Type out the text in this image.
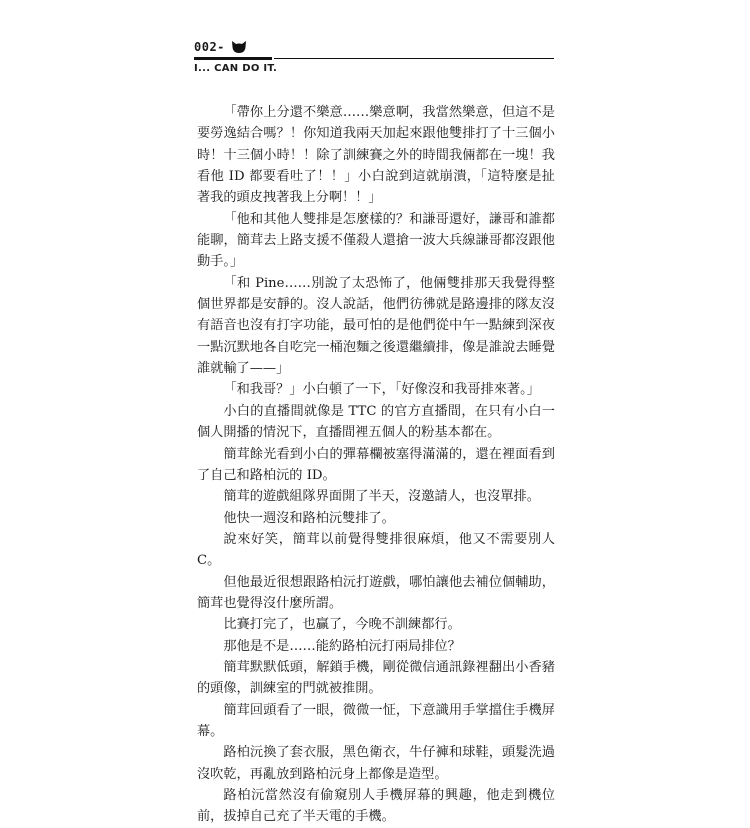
002-
I... CAN DO IT.

「帶你上分還不樂意……樂意啊，我當然樂意，但這不是要勞逸結合嗎？！你知道我兩天加起來跟他雙排打了十三個小時！十三個小時！！除了訓練賽之外的時間我倆都在一塊！我看他 ID 都要看吐了！！」小白說到這就崩潰，「這特麼是扯著我的頭皮拽著我上分啊！！」

「他和其他人雙排是怎麼樣的？和謙哥還好，謙哥和誰都能聊，簡茸去上路支援不僅殺人還搶一波大兵線謙哥都沒跟他動手。」

「和 Pine……別說了太恐怖了，他倆雙排那天我覺得整個世界都是安靜的。沒人說話，他們彷彿就是路邊排的隊友沒有語音也沒有打字功能，最可怕的是他們從中午一點練到深夜一點沉默地各自吃完一桶泡麵之後還繼續排，像是誰說去睡覺誰就輸了——」

「和我哥？」小白頓了一下，「好像沒和我哥排來著。」

小白的直播間就像是 TTC 的官方直播間，在只有小白一個人開播的情況下，直播間裡五個人的粉基本都在。

簡茸餘光看到小白的彈幕欄被塞得滿滿的，還在裡面看到了自己和路柏沅的 ID。

簡茸的遊戲組隊界面開了半天，沒邀請人，也沒單排。

他快一週沒和路柏沅雙排了。

說來好笑，簡茸以前覺得雙排很麻煩，他又不需要別人 C。

但他最近很想跟路柏沅打遊戲，哪怕讓他去補位個輔助，簡茸也覺得沒什麼所謂。

比賽打完了，也贏了，今晚不訓練都行。

那他是不是……能約路柏沅打兩局排位？

簡茸默默低頭，解鎖手機，剛從微信通訊錄裡翻出小香豬的頭像，訓練室的門就被推開。

簡茸回頭看了一眼，微微一怔，下意識用手掌擋住手機屏幕。

路柏沅換了套衣服，黑色衛衣，牛仔褲和球鞋，頭髮洗過沒吹乾，再亂放到路柏沅身上都像是造型。

路柏沅當然沒有偷窺別人手機屏幕的興趣，他走到機位前，拔掉自己充了半天電的手機。
